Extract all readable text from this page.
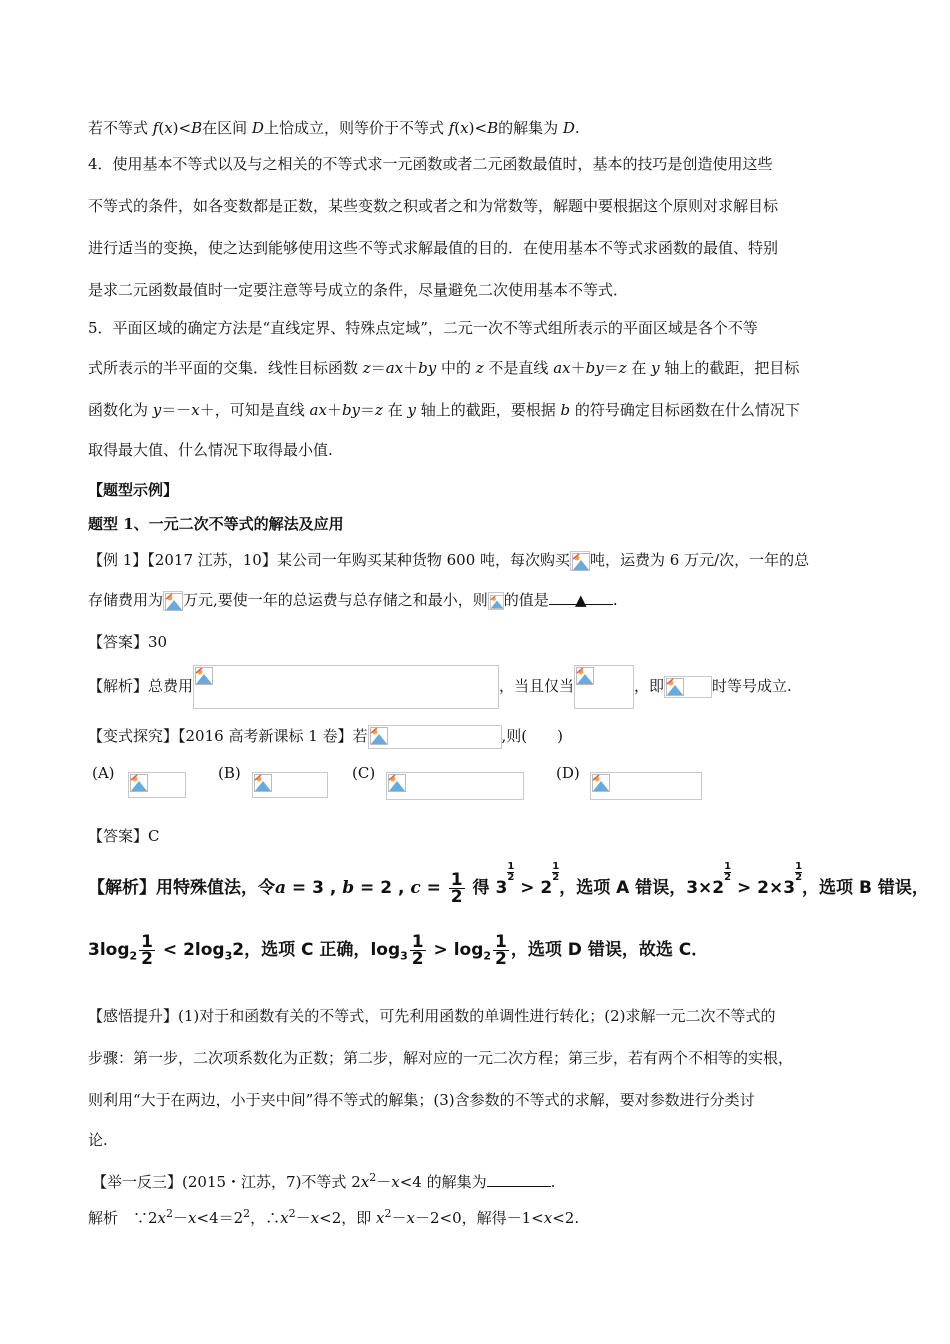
若不等式 f(x)<B在区间 D上恰成立，则等价于不等式 f(x)<B的解集为 D.
4．使用基本不等式以及与之相关的不等式求一元函数或者二元函数最值时，基本的技巧是创造使用这些
不等式的条件，如各变数都是正数，某些变数之积或者之和为常数等，解题中要根据这个原则对求解目标
进行适当的变换，使之达到能够使用这些不等式求解最值的目的．在使用基本不等式求函数的最值、特别
是求二元函数最值时一定要注意等号成立的条件，尽量避免二次使用基本不等式．
5．平面区域的确定方法是“直线定界、特殊点定域”，二元一次不等式组所表示的平面区域是各个不等
式所表示的半平面的交集．线性目标函数 z＝ax＋by 中的 z 不是直线 ax＋by＝z 在 y 轴上的截距，把目标
函数化为 y＝－x＋，可知是直线 ax＋by＝z 在 y 轴上的截距，要根据 b 的符号确定目标函数在什么情况下
取得最大值、什么情况下取得最小值.
【题型示例】
题型 1、一元二次不等式的解法及应用
【例 1】【2017 江苏，10】某公司一年购买某种货物 600 吨，每次购买 吨，运费为 6 万元/次，一年的总
存储费用为 万元,要使一年的总运费与总存储之和最小，则 的值是 ▲ .
【答案】30
【解析】总费用	，当且仅当	，即	时等号成立.
【变式探究】【2016 高考新课标 1 卷】若	,则(　　)
(A)	(B)	(C)	(D)
【答案】C
【解析】用特殊值法，令a = 3 , b = 2 , $c = \frac{1}{2}$ 得 3
$\frac{1}{2}$
> 2
$\frac{1}{2}$
，选项 A 错误，3×2
$\frac{1}{2}$
> 2×3
$\frac{1}{2}$
，选项 B 错误，
$3\log_2 \frac{1}{2} < 2\log_32$，选项 C 正确，$\log_3 \frac{1}{2} > \log_2 \frac{1}{2}$ ，选项 D 错误，故选 C．
【感悟提升】(1)对于和函数有关的不等式，可先利用函数的单调性进行转化；(2)求解一元二次不等式的
步骤：第一步，二次项系数化为正数；第二步，解对应的一元二次方程；第三步，若有两个不相等的实根，
则利用“大于在两边，小于夹中间”得不等式的解集；(3)含参数的不等式的求解，要对参数进行分类讨
论.
【举一反三】(2015・江苏，7)不等式 $2x^2-x<4$ 的解集为	.
解析　$\because 2x^2-x<4=2^2$，$\therefore x^2-x<2$，即 $x^2-x-2<0$，解得－1<x<2.
